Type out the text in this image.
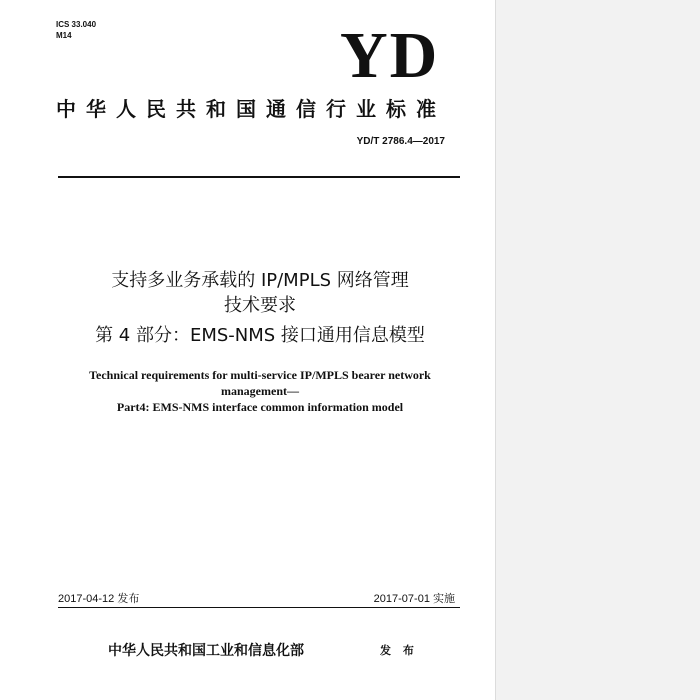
ICS 33.040
M14	YD
中华人民共和国通信行业标准
YD/T 2786.4—2017
支持多业务承载的 IP/MPLS 网络管理
技术要求
第 4 部分：EMS-NMS 接口通用信息模型
Technical requirements for multi-service IP/MPLS bearer network
management—
Part4: EMS-NMS interface common information model
2017-04-12 发布	2017-07-01 实施
中华人民共和国工业和信息化部	发 布
